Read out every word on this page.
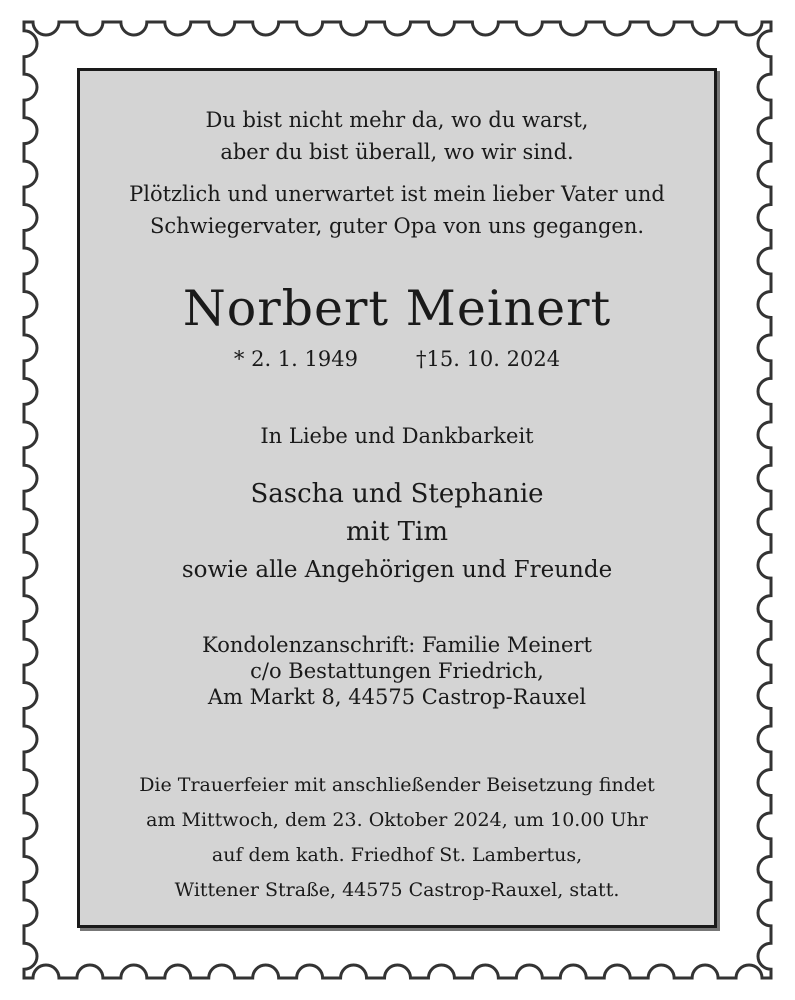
Du bist nicht mehr da, wo du warst,
aber du bist überall, wo wir sind.

Plötzlich und unerwartet ist mein lieber Vater und
Schwiegervater, guter Opa von uns gegangen.

Norbert Meinert

* 2. 1. 1949	†15. 10. 2024

In Liebe und Dankbarkeit

Sascha und Stephanie
mit Tim
sowie alle Angehörigen und Freunde

Kondolenzanschrift: Familie Meinert
c/o Bestattungen Friedrich,
Am Markt 8, 44575 Castrop-Rauxel

Die Trauerfeier mit anschließender Beisetzung findet
am Mittwoch, dem 23. Oktober 2024, um 10.00 Uhr
auf dem kath. Friedhof St. Lambertus,
Wittener Straße, 44575 Castrop-Rauxel, statt.
